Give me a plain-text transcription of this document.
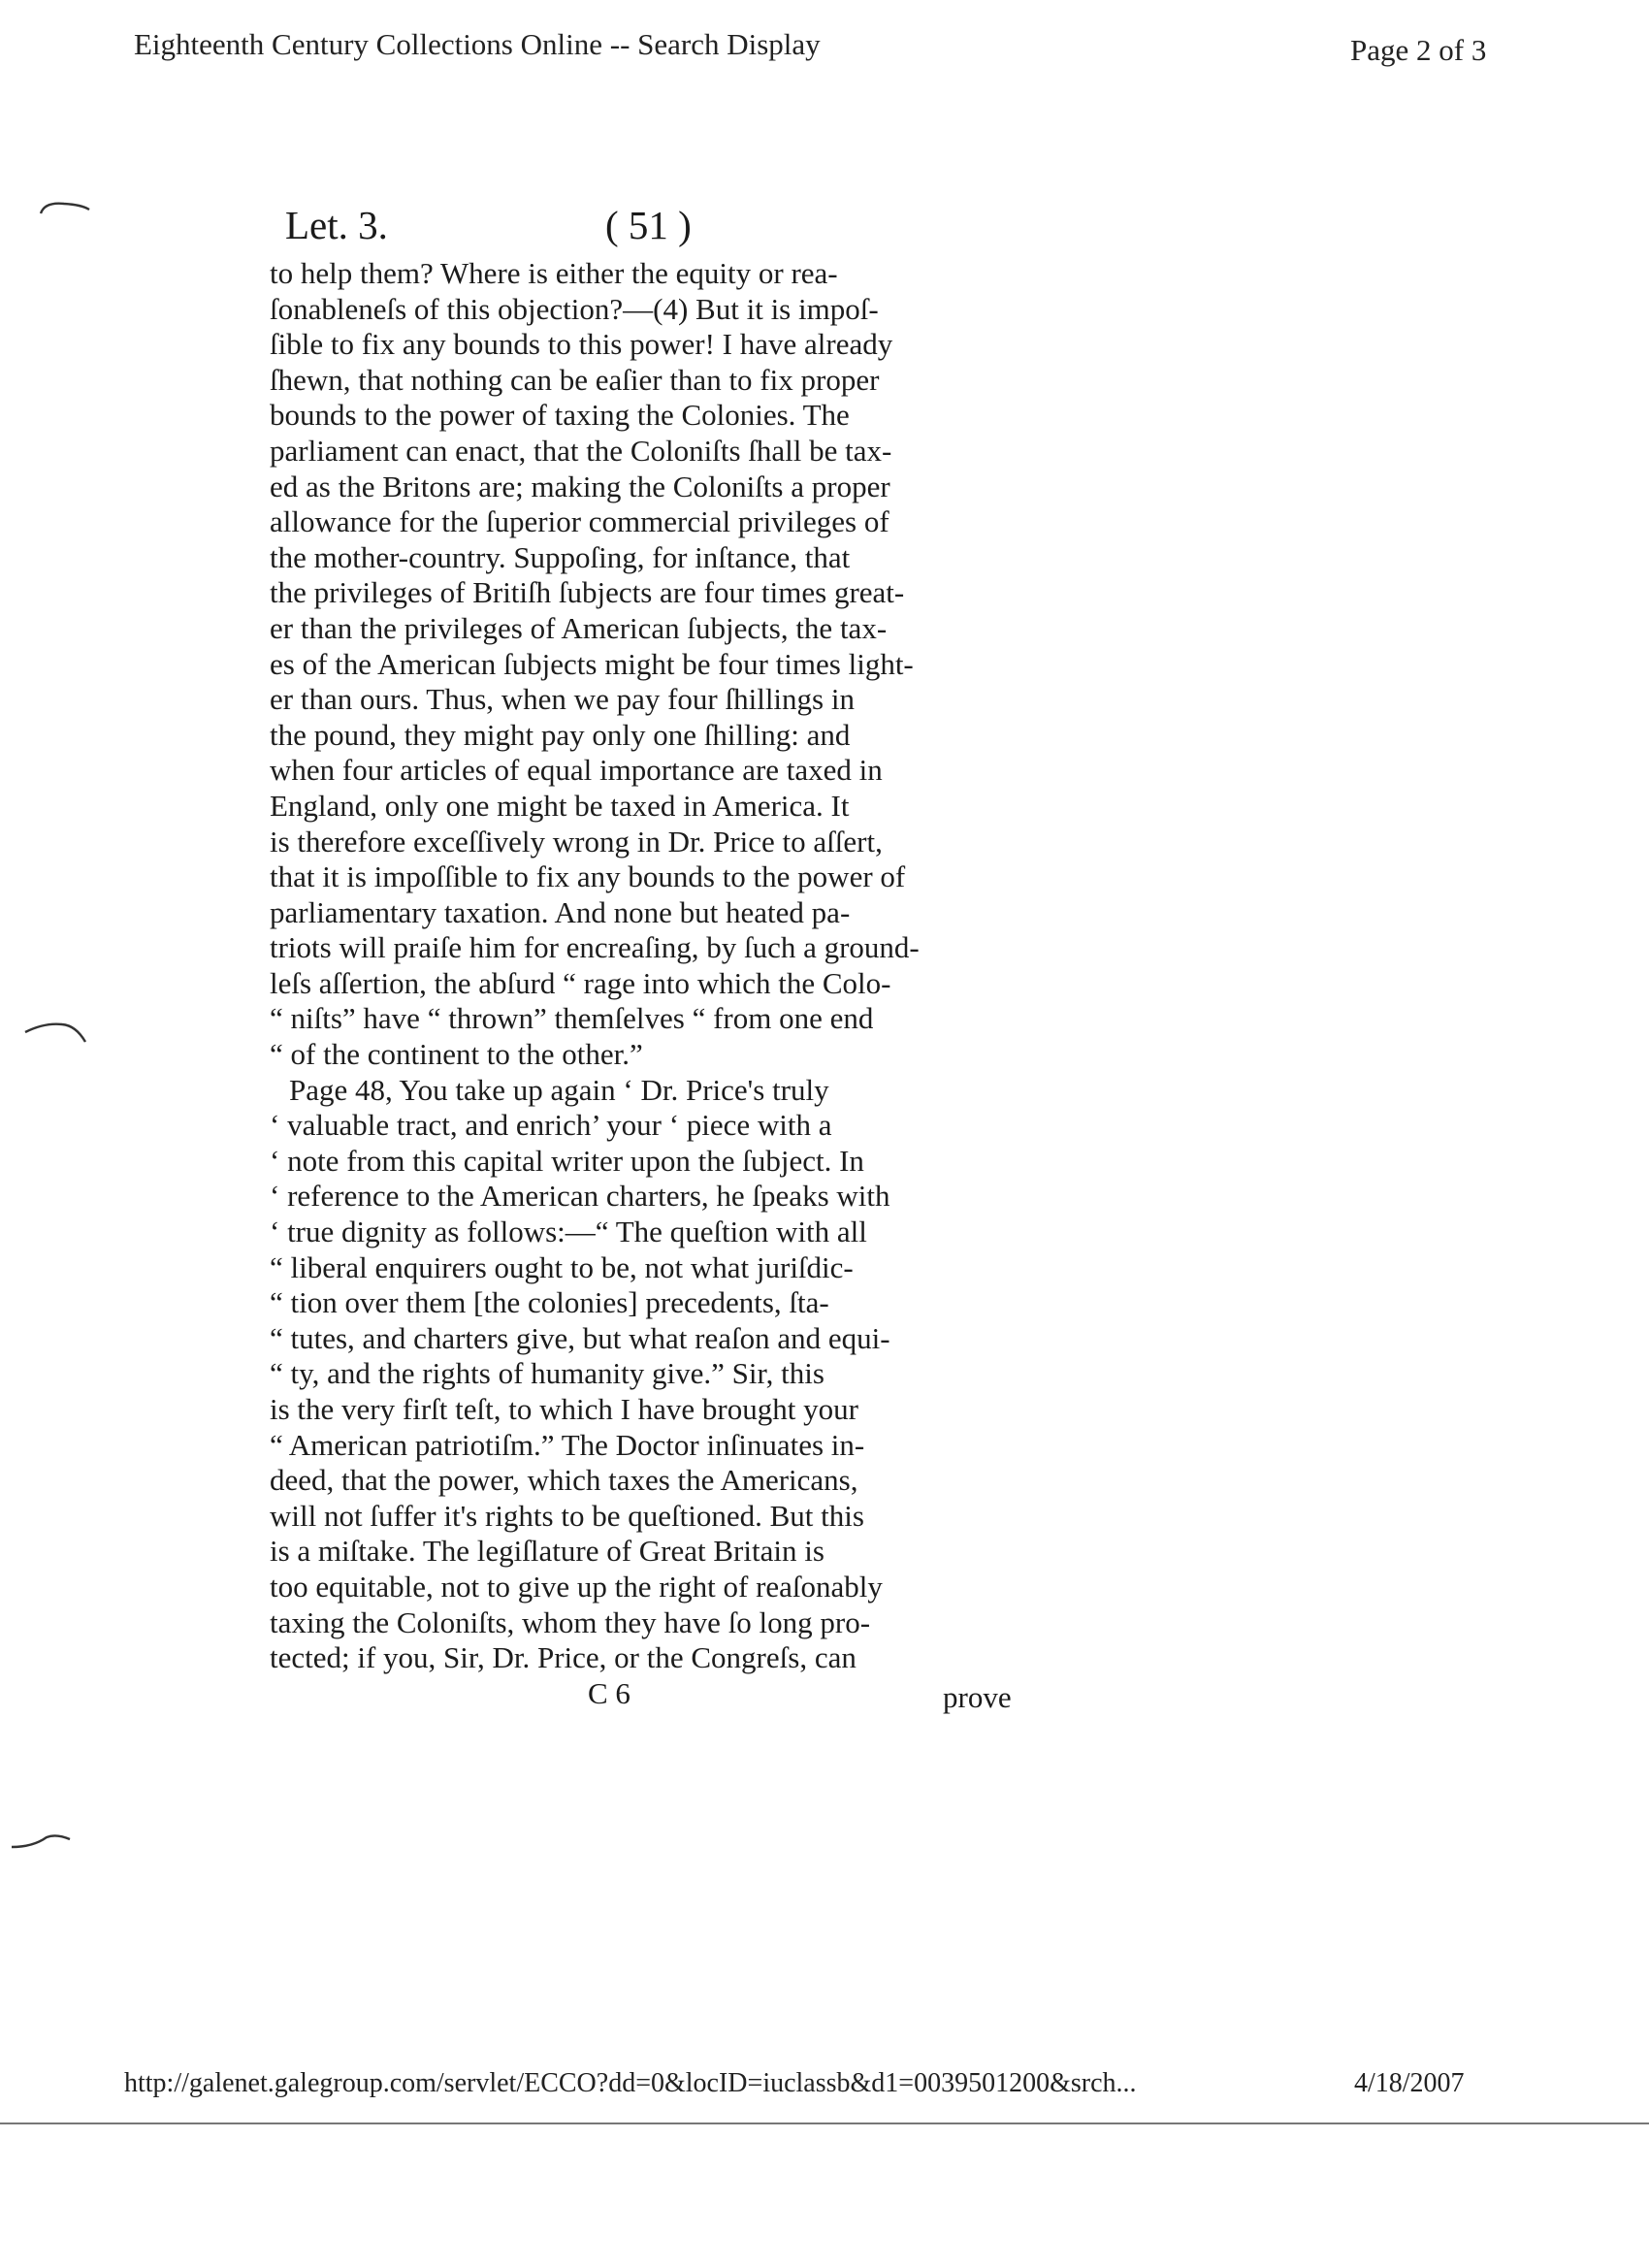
Eighteenth Century Collections Online -- Search Display	Page 2 of 3
Let. 3.	( 51 )
to help them? Where is either the equity or rea-
ſonableneſs of this objection?—(4) But it is impoſ-
ſible to fix any bounds to this power! I have already
ſhewn, that nothing can be eaſier than to fix proper
bounds to the power of taxing the Colonies. The
parliament can enact, that the Coloniſts ſhall be tax-
ed as the Britons are; making the Coloniſts a proper
allowance for the ſuperior commercial privileges of
the mother-country. Suppoſing, for inſtance, that
the privileges of Britiſh ſubjects are four times great-
er than the privileges of American ſubjects, the tax-
es of the American ſubjects might be four times light-
er than ours. Thus, when we pay four ſhillings in
the pound, they might pay only one ſhilling: and
when four articles of equal importance are taxed in
England, only one might be taxed in America. It
is therefore exceſſively wrong in Dr. Price to aſſert,
that it is impoſſible to fix any bounds to the power of
parliamentary taxation. And none but heated pa-
triots will praiſe him for encreaſing, by ſuch a ground-
leſs aſſertion, the abſurd “ rage into which the Colo-
“ niſts” have “ thrown” themſelves “ from one end
“ of the continent to the other.”
Page 48, You take up again ‘ Dr. Price's truly
‘ valuable tract, and enrich’ your ‘ piece with a
‘ note from this capital writer upon the ſubject. In
‘ reference to the American charters, he ſpeaks with
‘ true dignity as follows:—“ The queſtion with all
“ liberal enquirers ought to be, not what juriſdic-
“ tion over them [the colonies] precedents, ſta-
“ tutes, and charters give, but what reaſon and equi-
“ ty, and the rights of humanity give.” Sir, this
is the very firſt teſt, to which I have brought your
“ American patriotiſm.” The Doctor inſinuates in-
deed, that the power, which taxes the Americans,
will not ſuffer it's rights to be queſtioned. But this
is a miſtake. The legiſlature of Great Britain is
too equitable, not to give up the right of reaſonably
taxing the Coloniſts, whom they have ſo long pro-
tected; if you, Sir, Dr. Price, or the Congreſs, can
C 6	prove
http://galenet.galegroup.com/servlet/ECCO?dd=0&locID=iuclassb&d1=0039501200&srch...	4/18/2007
